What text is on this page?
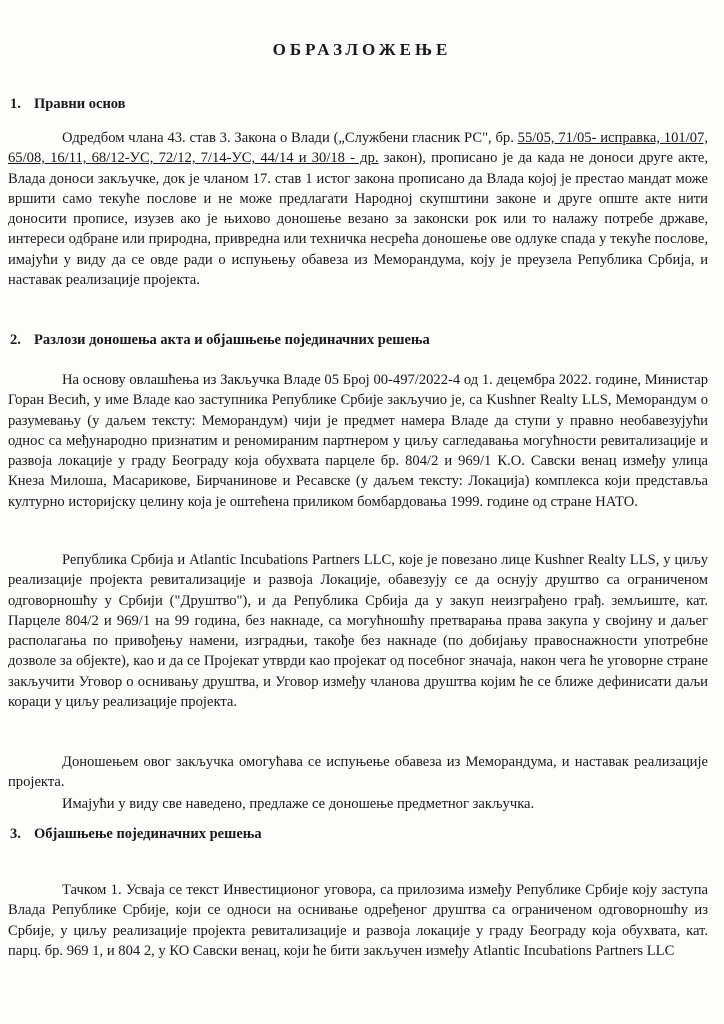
ОБРАЗЛОЖЕЊЕ
1. Правни основ
Одредбом члана 43. став 3. Закона о Влади („Службени гласник РС", бр. 55/05, 71/05- исправка, 101/07, 65/08, 16/11, 68/12-УС, 72/12, 7/14-УС, 44/14 и 30/18 - др. закон), прописано је да када не доноси друге акте, Влада доноси закључке, док је чланом 17. став 1 истог закона прописано да Влада којој је престао мандат може вршити само текуће послове и не може предлагати Народној скупштини законе и друге опште акте нити доносити прописе, изузев ако је њихово доношење везано за законски рок или то налажу потребе државе, интереси одбране или природна, привредна или техничка несрећа доношење ове одлуке спада у текуће послове, имајући у виду да се овде ради о испуњењу обавеза из Меморандума, коју је преузела Република Србија, и наставак реализације пројекта.
2. Разлози доношења акта и објашњење појединачних решења
На основу овлашћења из Закључка Владе 05 Број 00-497/2022-4 од 1. децембра 2022. године, Министар Горан Весић, у име Владе као заступника Републике Србије закључио је, са Kushner Realty LLS, Меморандум о разумевању (у даљем тексту: Меморандум) чији је предмет намера Владе да ступи у правно необавезујући однос са међународно признатим и реномираним партнером у циљу сагледавања могућности ревитализације и развоја локације у граду Београду која обухвата парцеле бр. 804/2 и 969/1 К.О. Савски венац између улица Кнеза Милоша, Масарикове, Бирчанинове и Ресавске (у даљем тексту: Локација) комплекса који представља културно историјску целину која је оштећена приликом бомбардовања 1999. године од стране НАТО.
Република Србија и Atlantic Incubations Partners LLC, које је повезано лице Kushner Realty LLS, у циљу реализације пројекта ревитализације и развоја Локације, обавезују се да оснују друштво са ограниченом одговорношћу у Србији ("Друштво"), и да Република Србија да у закуп неизграђено грађ. земљиште, кат. Парцеле 804/2 и 969/1 на 99 година, без накнаде, са могућношћу претварања права закупа у својину и даљег располагања по привођењу намени, изградњи, такође без накнаде (по добијању правоснажности употребне дозволе за објекте), као и да се Пројекат утврди као пројекат од посебног значаја, након чега ће уговорне стране закључити Уговор о оснивању друштва, и Уговор између чланова друштва којим ће се ближе дефинисати даљи кораци у циљу реализације пројекта.
Доношењем овог закључка омогућава се испуњење обавеза из Меморандума, и наставак реализације пројекта.
Имајући у виду све наведено, предлаже се доношење предметног закључка.
3. Објашњење појединачних решења
Тачком 1. Усваја се текст Инвестиционог уговора, са прилозима између Републике Србије коју заступа Влада Републике Србије, који се односи на оснивање одређеног друштва са ограниченом одговорношћу из Србије, у циљу реализације пројекта ревитализације и развоја локације у граду Београду која обухвата, кат. парц. бр. 969 1, и 804 2, у КО Савски венац, који ће бити закључен између Atlantic Incubations Partners LLC
